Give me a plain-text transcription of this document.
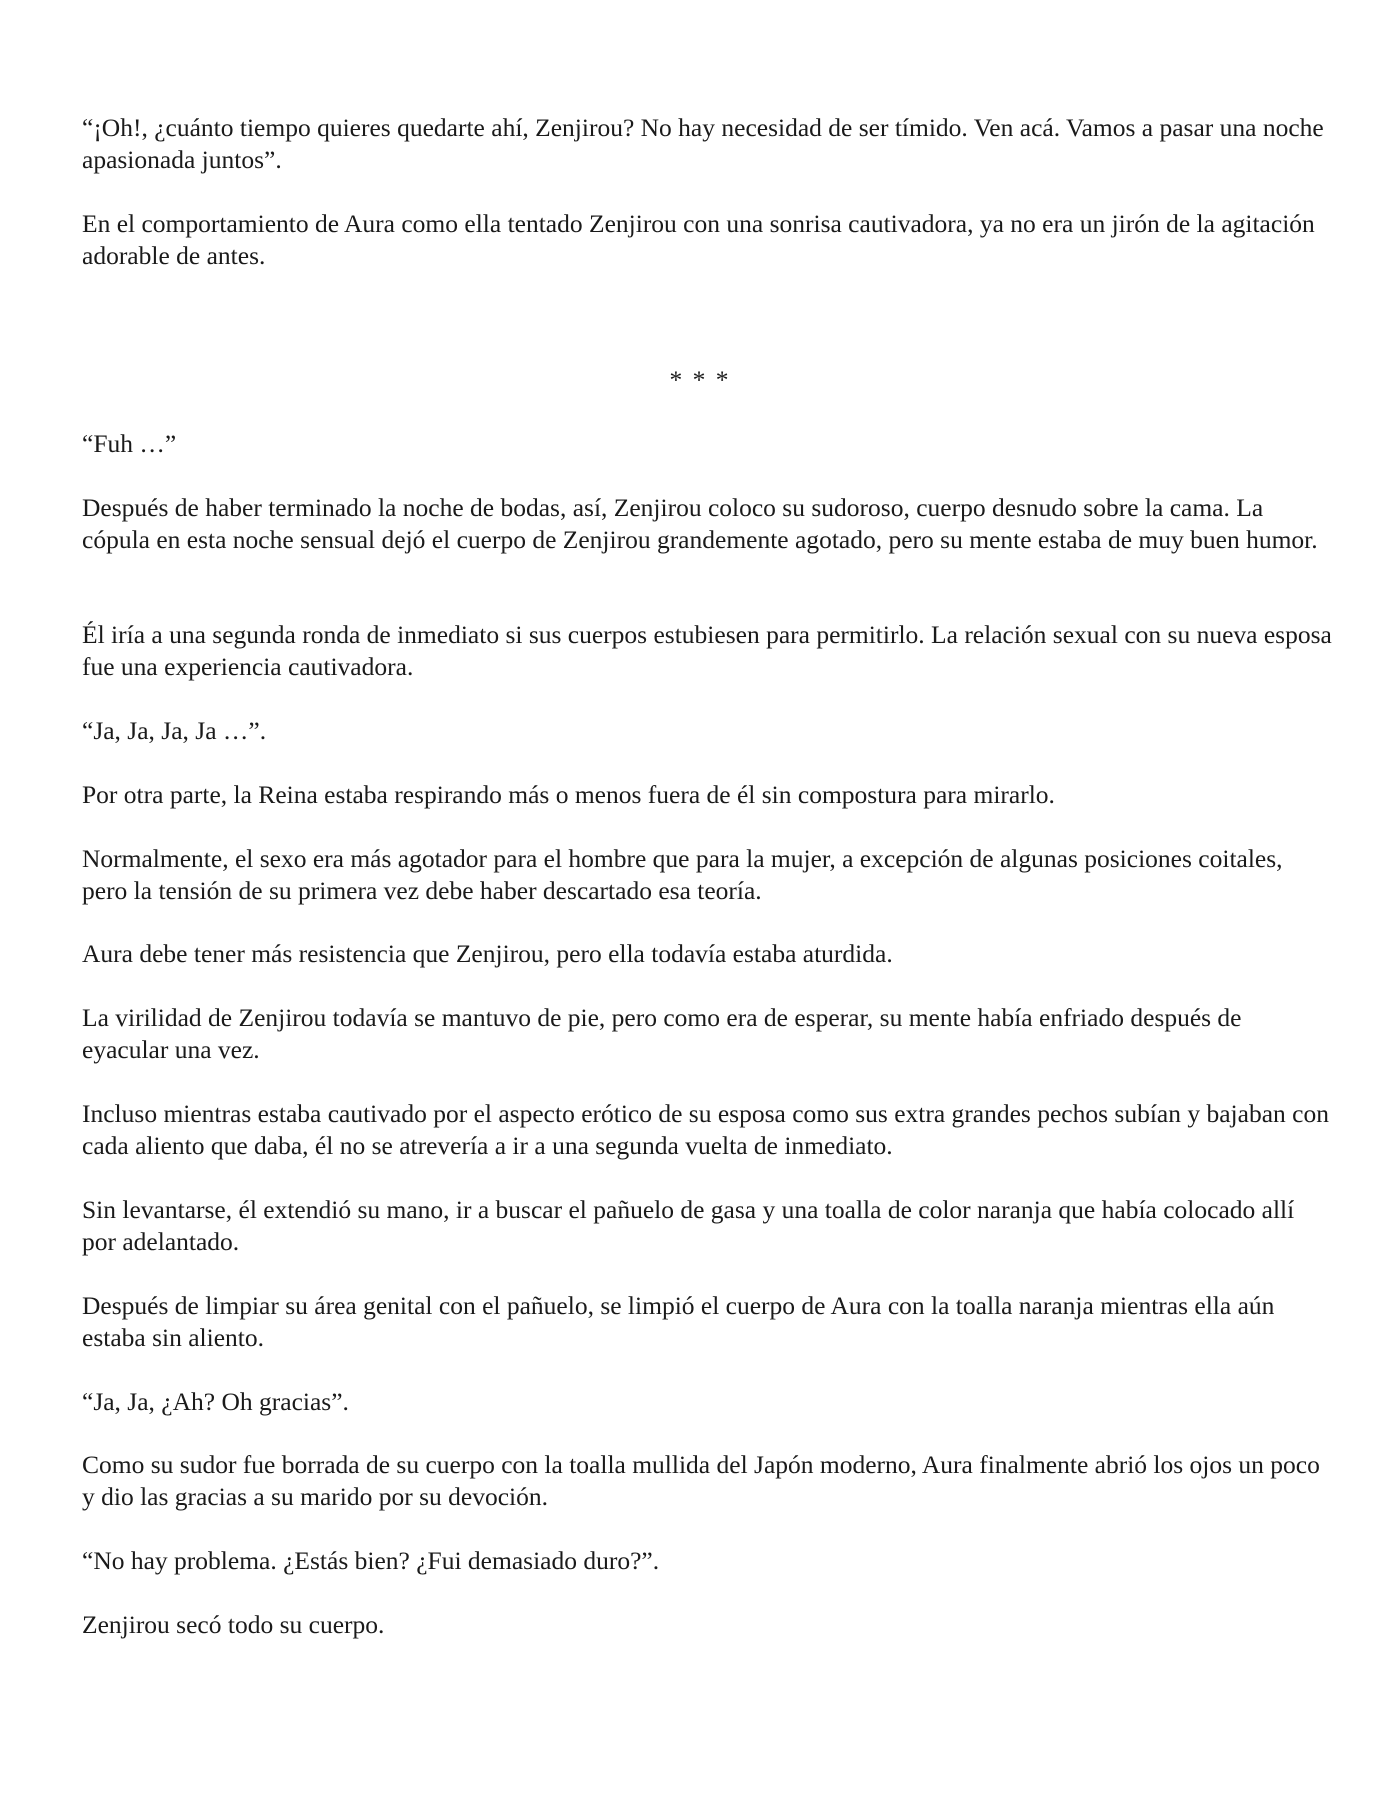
“¡Oh!, ¿cuánto tiempo quieres quedarte ahí, Zenjirou? No hay necesidad de ser tímido. Ven acá. Vamos a pasar una noche apasionada juntos”.

En el comportamiento de Aura como ella tentado Zenjirou con una sonrisa cautivadora, ya no era un jirón de la agitación adorable de antes.

* * *

“Fuh …”

Después de haber terminado la noche de bodas, así, Zenjirou coloco su sudoroso, cuerpo desnudo sobre la cama. La cópula en esta noche sensual dejó el cuerpo de Zenjirou grandemente agotado, pero su mente estaba de muy buen humor.

Él iría a una segunda ronda de inmediato si sus cuerpos estubiesen para permitirlo. La relación sexual con su nueva esposa fue una experiencia cautivadora.

“Ja, Ja, Ja, Ja …”.

Por otra parte, la Reina estaba respirando más o menos fuera de él sin compostura para mirarlo.

Normalmente, el sexo era más agotador para el hombre que para la mujer, a excepción de algunas posiciones coitales, pero la tensión de su primera vez debe haber descartado esa teoría.

Aura debe tener más resistencia que Zenjirou, pero ella todavía estaba aturdida.

La virilidad de Zenjirou todavía se mantuvo de pie, pero como era de esperar, su mente había enfriado después de eyacular una vez.

Incluso mientras estaba cautivado por el aspecto erótico de su esposa como sus extra grandes pechos subían y bajaban con cada aliento que daba, él no se atrevería a ir a una segunda vuelta de inmediato.

Sin levantarse, él extendió su mano, ir a buscar el pañuelo de gasa y una toalla de color naranja que había colocado allí por adelantado.

Después de limpiar su área genital con el pañuelo, se limpió el cuerpo de Aura con la toalla naranja mientras ella aún estaba sin aliento.

“Ja, Ja, ¿Ah? Oh gracias”.

Como su sudor fue borrada de su cuerpo con la toalla mullida del Japón moderno, Aura finalmente abrió los ojos un poco y dio las gracias a su marido por su devoción.

“No hay problema. ¿Estás bien? ¿Fui demasiado duro?”.

Zenjirou secó todo su cuerpo.
